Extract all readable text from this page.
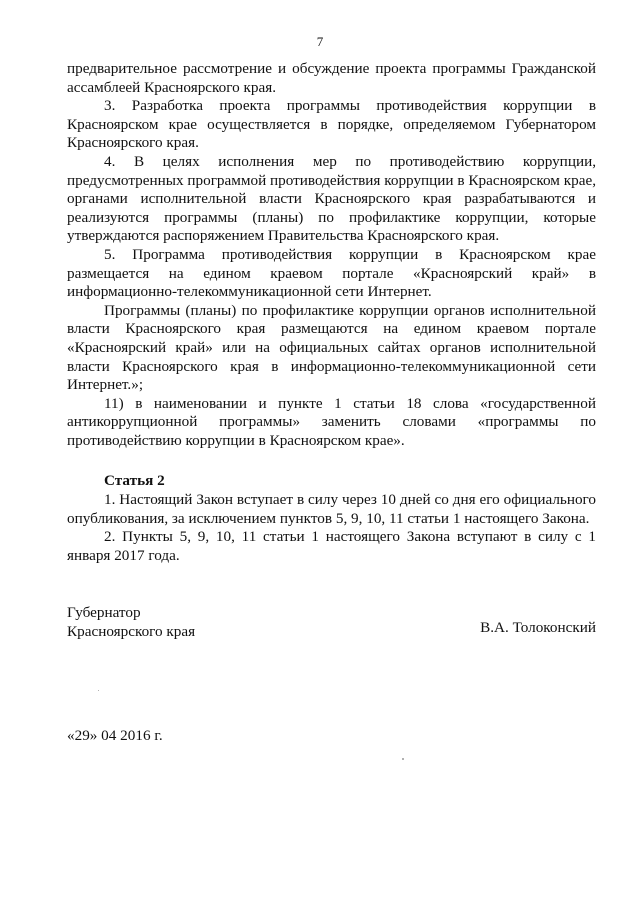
7

предварительное рассмотрение и обсуждение проекта программы Гражданской ассамблеей Красноярского края.

3. Разработка проекта программы противодействия коррупции в Красноярском крае осуществляется в порядке, определяемом Губернатором Красноярского края.

4. В целях исполнения мер по противодействию коррупции, предусмотренных программой противодействия коррупции в Красноярском крае, органами исполнительной власти Красноярского края разрабатываются и реализуются программы (планы) по профилактике коррупции, которые утверждаются распоряжением Правительства Красноярского края.

5. Программа противодействия коррупции в Красноярском крае размещается на едином краевом портале «Красноярский край» в информационно-телекоммуникационной сети Интернет.

Программы (планы) по профилактике коррупции органов исполнительной власти Красноярского края размещаются на едином краевом портале «Красноярский край» или на официальных сайтах органов исполнительной власти Красноярского края в информационно-телекоммуникационной сети Интернет.»;

11) в наименовании и пункте 1 статьи 18 слова «государственной антикоррупционной программы» заменить словами «программы по противодействию коррупции в Красноярском крае».

Статья 2

1. Настоящий Закон вступает в силу через 10 дней со дня его официального опубликования, за исключением пунктов 5, 9, 10, 11 статьи 1 настоящего Закона.

2. Пункты 5, 9, 10, 11 статьи 1 настоящего Закона вступают в силу с 1 января 2017 года.

Губернатор
Красноярского края	В.А. Толоконский
«29» 04 2016 г.
